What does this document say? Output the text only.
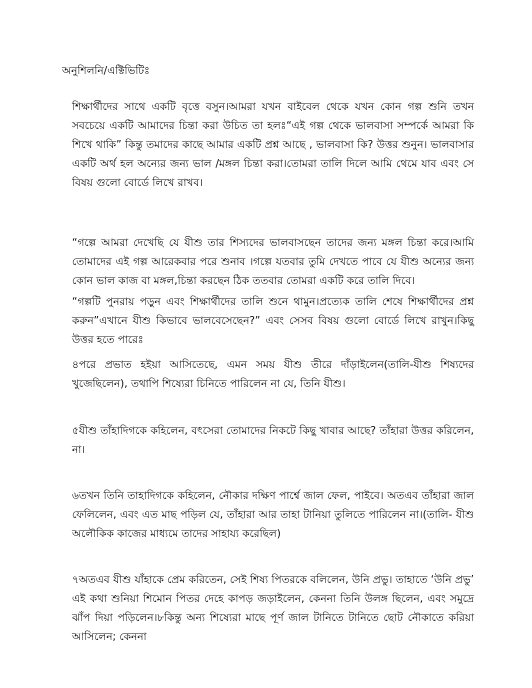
অনুশিলনি/এক্টিভিটিঃ
শিক্ষার্থীদের সাথে একটি বৃত্তে বসুন।আমরা যখন বাইবেল থেকে যখন কোন গল্প শুনি তখন সবচেয়ে একটি আমাদের চিন্তা করা উচিত তা হলঃ“এই গল্প থেকে ভালবাসা সম্পর্কে আমরা কি শিখে থাকি” কিন্তু তমাদের কাছে আমার একটি প্রশ্ন আছে , ভালবাসা কি? উত্তর শুনুন। ভালবাসার একটি অর্থ হল অন্যের জন্য ভাল /মঙ্গল চিন্তা করা।তোমরা তালি দিলে আমি থেমে যাব এবং সে বিষয় গুলো বোর্ডে লিখে রাখব।
“গল্পে আমরা দেখেছি যে যীশু তার শিস্যদের ভালবাসছেন তাদের জন্য মঙ্গল চিন্তা করে।আমি তোমাদের এই গল্প আরেকবার পরে শুনাব ।গল্পে যতবার তুমি দেখতে পাবে যে যীশু অন্যের জন্য কোন ভাল কাজ বা মঙ্গল,চিন্তা করছেন ঠিক ততবার তোমরা একটি করে তালি দিবে।
“গল্পটি পুনরায় পড়ুন এবং শিক্ষার্থীদের তালি শুনে থামুন।প্রত্যেক তালি শেষে শিক্ষার্থীদের প্রশ্ন করুন”এখানে যীশু কিভাবে ভালবেসেছেন?” এবং সেসব বিষয় গুলো বোর্ডে লিখে রাখুন।কিছু উত্তর হতে পারেঃ
৪পরে প্রভাত হইয়া আসিতেছে, এমন সময় যীশু তীরে দাঁড়াইলেন(তালি-যীশু শিষ্যদের খুজেছিলেন), তথাপি শিষ্যেরা চিনিতে পারিলেন না যে, তিনি যীশু।
৫যীশু তাঁহাদিগকে কহিলেন, বৎসেরা তোমাদের নিকটে কিছু খাবার আছে? তাঁহারা উত্তর করিলেন, না।
৬তখন তিনি তাহাদিগকে কহিলেন, নৌকার দক্ষিণ পার্শ্বে জাল ফেল, পাইবে। অতএব তাঁহারা জাল ফেলিলেন, এবং এত মাছ পড়িল যে, তাঁহারা আর তাহা টানিয়া তুলিতে পারিলেন না।(তালি- যীশু অলৌকিক কাজের মাধ্যমে তাদের সাহায্য করেছিল)
৭অতএব যীশু যাঁহাকে প্রেম করিতেন, সেই শিষ্য পিতরকে বলিলেন, উনি প্রভু। তাহাতে ‘উনি প্রভু’ এই কথা শুনিয়া শিমোন পিতর দেহে কাপড় জড়াইলেন, কেননা তিনি উলঙ্গ ছিলেন, এবং সমুদ্রে ঝাঁপ দিয়া পড়িলেন।৮কিন্তু অন্য শিষ্যেরা মাছে পূর্ণ জাল টানিতে টানিতে ছোট নৌকাতে করিয়া আসিলেন; কেননা
